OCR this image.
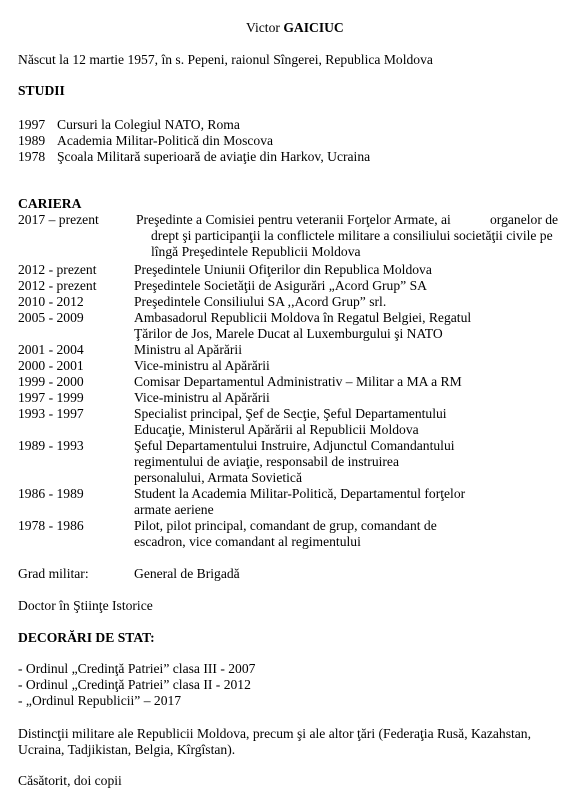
Victor GAICIUC
Născut la 12 martie 1957, în s. Pepeni, raionul Sîngerei, Republica Moldova
STUDII
1997 Cursuri la Colegiul NATO, Roma
1989 Academia Militar-Politică din Moscova
1978 Şcoala Militară superioară de aviaţie din Harkov, Ucraina
CARIERA
2017 – prezent	Preşedinte a Comisiei pentru veteranii Forţelor Armate, ai	organelor de
drept şi participanţii la conflictele militare a consiliului societăţii civile pe
lîngă Preşedintele Republicii Moldova
2012 - prezent	Preşedintele Uniunii Ofiţerilor din Republica Moldova
2012 - prezent	Preşedintele Societăţii de Asigurări „Acord Grup” SA
2010 - 2012	Preşedintele Consiliului SA ,,Acord Grup” srl.
2005 - 2009	Ambasadorul Republicii Moldova în Regatul Belgiei, Regatul
Ţărilor de Jos, Marele Ducat al Luxemburgului şi NATO
2001 - 2004	Ministru al Apărării
2000 - 2001	Vice-ministru al Apărării
1999 - 2000	Comisar Departamentul Administrativ – Militar a MA a RM
1997 - 1999	Vice-ministru al Apărării
1993 - 1997	Specialist principal, Şef de Secţie, Şeful Departamentului
Educaţie, Ministerul Apărării al Republicii Moldova
1989 - 1993	Şeful Departamentului Instruire, Adjunctul Comandantului
regimentului de aviaţie, responsabil de instruirea
personalului, Armata Sovietică
1986 - 1989	Student la Academia Militar-Politică, Departamentul forţelor
armate aeriene
1978 - 1986	Pilot, pilot principal, comandant de grup, comandant de
escadron, vice comandant al regimentului
Grad militar:	General de Brigadă
Doctor în Ştiinţe Istorice
DECORĂRI DE STAT:
- Ordinul „Credinţă Patriei” clasa III - 2007
- Ordinul „Credinţă Patriei” clasa II - 2012
- „Ordinul Republicii” – 2017
Distincţii militare ale Republicii Moldova, precum şi ale altor ţări (Federaţia Rusă, Kazahstan,
Ucraina, Tadjikistan, Belgia, Kîrgîstan).
Căsătorit, doi copii
